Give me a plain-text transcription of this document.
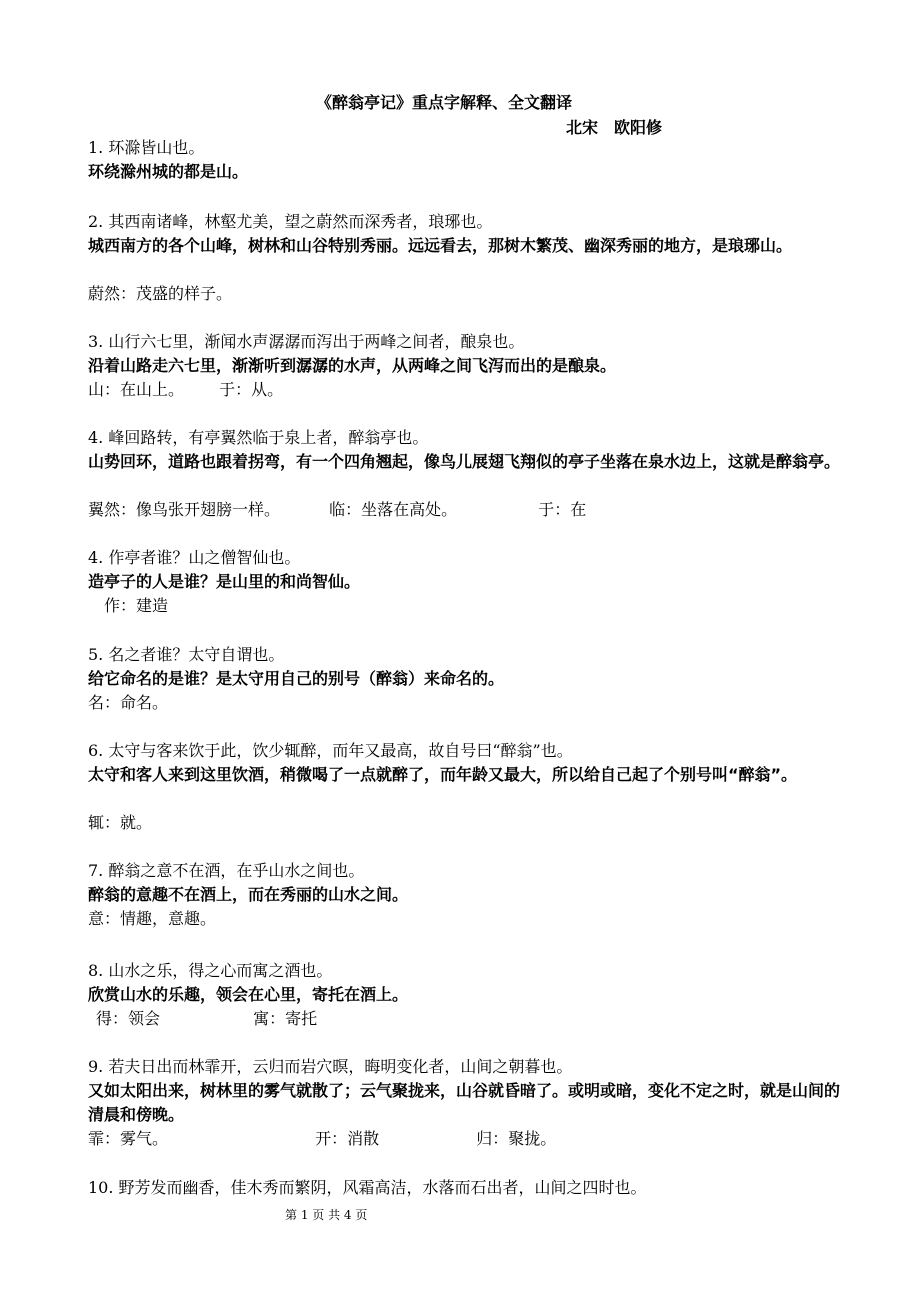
《醉翁亭记》重点字解释、全文翻译
北宋　欧阳修
1. 环滁皆山也。
环绕滁州城的都是山。
2. 其西南诸峰，林壑尤美，望之蔚然而深秀者，琅琊也。
城西南方的各个山峰，树林和山谷特别秀丽。远远看去，那树木繁茂、幽深秀丽的地方，是琅琊山。
蔚然：茂盛的样子。
3. 山行六七里，渐闻水声潺潺而泻出于两峰之间者，酿泉也。
沿着山路走六七里，渐渐听到潺潺的水声，从两峰之间飞泻而出的是酿泉。
山：在山上。 于：从。
4. 峰回路转，有亭翼然临于泉上者，醉翁亭也。
山势回环，道路也跟着拐弯，有一个四角翘起，像鸟儿展翅飞翔似的亭子坐落在泉水边上，这就是醉翁亭。
翼然：像鸟张开翅膀一样。	临：坐落在高处。	于：在
4. 作亭者谁？山之僧智仙也。
造亭子的人是谁？是山里的和尚智仙。
作：建造
5. 名之者谁？太守自谓也。
给它命名的是谁？是太守用自己的别号（醉翁）来命名的。
名：命名。
6. 太守与客来饮于此，饮少辄醉，而年又最高，故自号曰“醉翁”也。
太守和客人来到这里饮酒，稍微喝了一点就醉了，而年龄又最大，所以给自己起了个别号叫“醉翁”。
辄：就。
7. 醉翁之意不在酒，在乎山水之间也。
醉翁的意趣不在酒上，而在秀丽的山水之间。
意：情趣，意趣。
8. 山水之乐，得之心而寓之酒也。
欣赏山水的乐趣，领会在心里，寄托在酒上。
得：领会	寓：寄托
9. 若夫日出而林霏开，云归而岩穴暝，晦明变化者，山间之朝暮也。
又如太阳出来，树林里的雾气就散了；云气聚拢来，山谷就昏暗了。或明或暗，变化不定之时，就是山间的清晨和傍晚。
霏：雾气。	开：消散	归：聚拢。
10. 野芳发而幽香，佳木秀而繁阴，风霜高洁，水落而石出者，山间之四时也。
第 1 页 共 4 页
